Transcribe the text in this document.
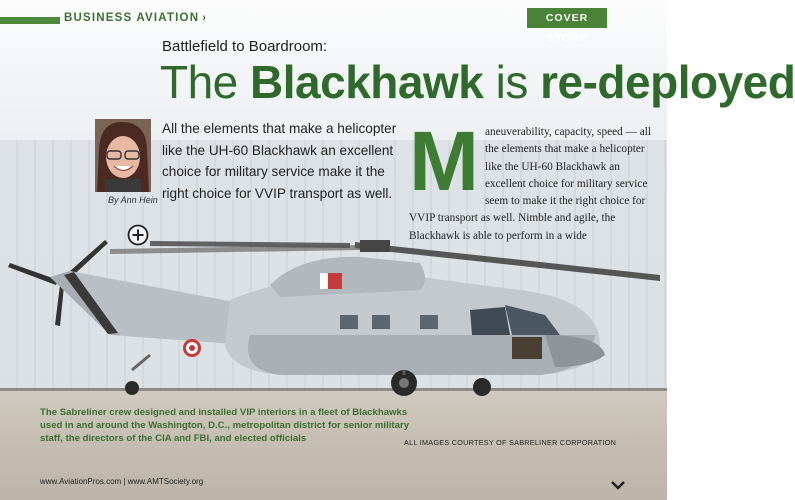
BUSINESS AVIATION ›	COVER STORY
Battlefield to Boardroom:
The Blackhawk is re-deployed
By Ann Hein
All the elements that make a helicopter like the UH-60 Blackhawk an excellent choice for military service make it the right choice for VVIP transport as well. Maneuverability, capacity, speed — all the elements that make a helicopter like the UH-60 Blackhawk an excellent choice for military service seem to make it the right choice for VVIP transport as well. Nimble and agile, the Blackhawk is able to perform in a wide
The Sabreliner crew designed and installed VIP interiors in a fleet of Blackhawks used in and around the Washington, D.C., metropolitan district for senior military staff, the directors of the CIA and FBI, and elected officials	ALL IMAGES COURTESY OF SABRELINER CORPORATION
www.AviationPros.com | www.AMTSociety.org
